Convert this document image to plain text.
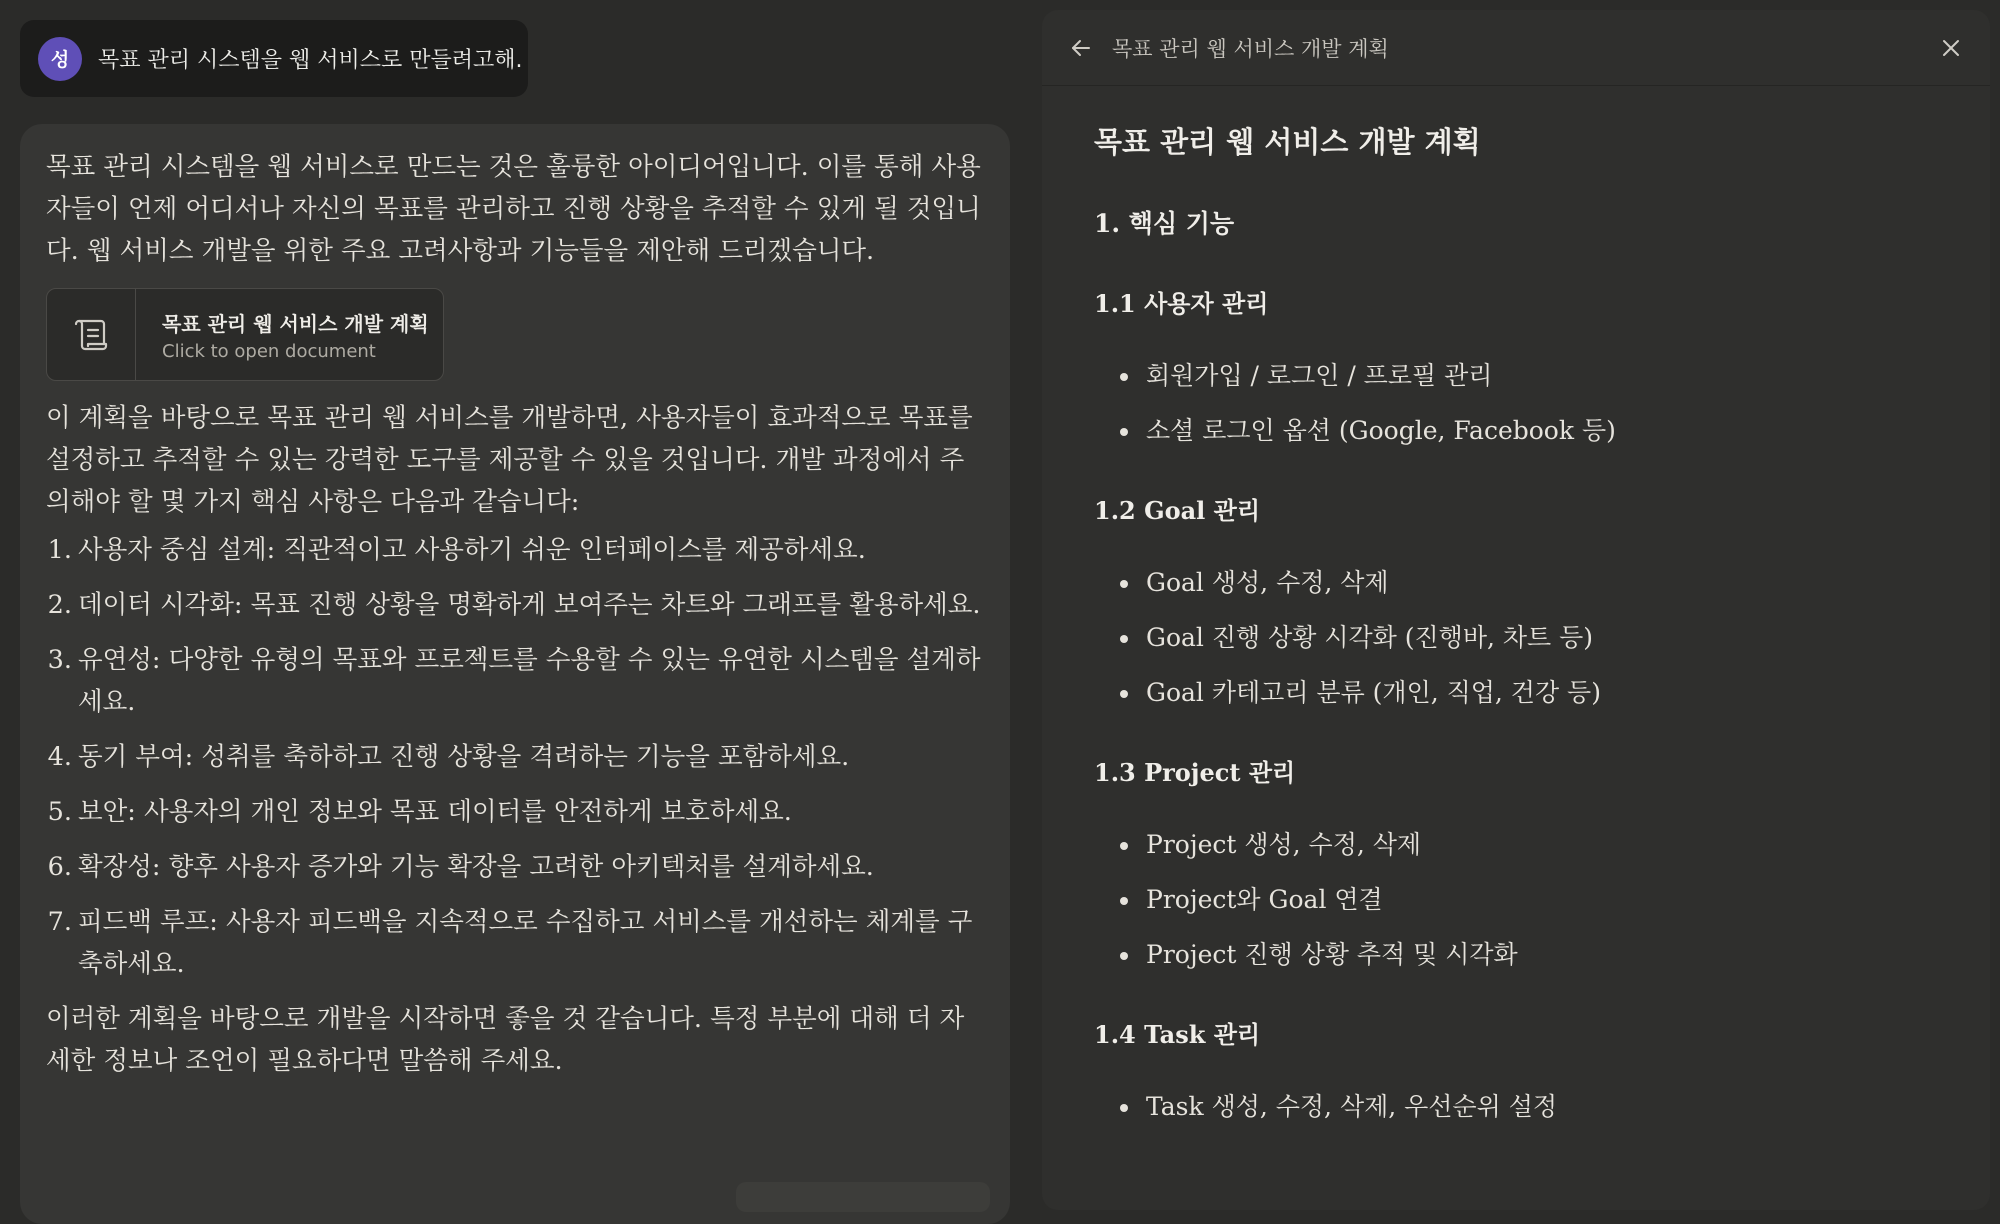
성	목표 관리 시스템을 웹 서비스로 만들려고해.

목표 관리 시스템을 웹 서비스로 만드는 것은 훌륭한 아이디어입니다. 이를 통해 사용자들이 언제 어디서나 자신의 목표를 관리하고 진행 상황을 추적할 수 있게 될 것입니다. 웹 서비스 개발을 위한 주요 고려사항과 기능들을 제안해 드리겠습니다.

목표 관리 웹 서비스 개발 계획
Click to open document

이 계획을 바탕으로 목표 관리 웹 서비스를 개발하면, 사용자들이 효과적으로 목표를 설정하고 추적할 수 있는 강력한 도구를 제공할 수 있을 것입니다. 개발 과정에서 주의해야 할 몇 가지 핵심 사항은 다음과 같습니다:

1. 사용자 중심 설계: 직관적이고 사용하기 쉬운 인터페이스를 제공하세요.
2. 데이터 시각화: 목표 진행 상황을 명확하게 보여주는 차트와 그래프를 활용하세요.
3. 유연성: 다양한 유형의 목표와 프로젝트를 수용할 수 있는 유연한 시스템을 설계하세요.
4. 동기 부여: 성취를 축하하고 진행 상황을 격려하는 기능을 포함하세요.
5. 보안: 사용자의 개인 정보와 목표 데이터를 안전하게 보호하세요.
6. 확장성: 향후 사용자 증가와 기능 확장을 고려한 아키텍처를 설계하세요.
7. 피드백 루프: 사용자 피드백을 지속적으로 수집하고 서비스를 개선하는 체계를 구축하세요.

이러한 계획을 바탕으로 개발을 시작하면 좋을 것 같습니다. 특정 부분에 대해 더 자세한 정보나 조언이 필요하다면 말씀해 주세요.

목표 관리 웹 서비스 개발 계획
목표 관리 웹 서비스 개발 계획
1. 핵심 기능
1.1 사용자 관리
회원가입 / 로그인 / 프로필 관리
소셜 로그인 옵션 (Google, Facebook 등)
1.2 Goal 관리
Goal 생성, 수정, 삭제
Goal 진행 상황 시각화 (진행바, 차트 등)
Goal 카테고리 분류 (개인, 직업, 건강 등)
1.3 Project 관리
Project 생성, 수정, 삭제
Project와 Goal 연결
Project 진행 상황 추적 및 시각화
1.4 Task 관리
Task 생성, 수정, 삭제, 우선순위 설정
